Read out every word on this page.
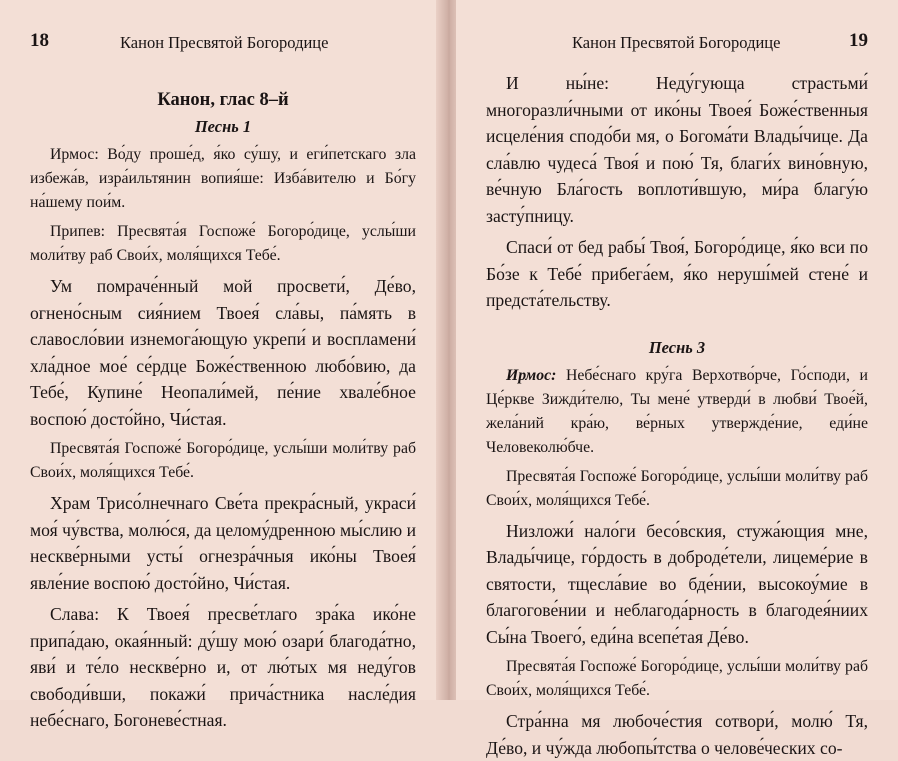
18	Канон Пресвятой Богородице
Канон, глас 8–й
Песнь 1

Ирмос: Во́ду проше́д, я́ко су́шу, и еги́петскаго зла избежа́в, изра́ильтянин вопия́ше: Изба́вителю и Бо́гу на́шему пои́м.

Припев: Пресвята́я Госпоже́ Богоро́дице, услы́ши моли́тву раб Свои́х, моля́щихся Тебе́.

Ум помраче́нный мой просвети́, Де́во, огнено́сным сия́нием Твоея́ сла́вы, па́мять в славосло́вии изнемога́ющую укрепи́ и воспламени́ хла́дное мое́ се́рдце Боже́ственною любо́вию, да Тебе́, Купине́ Неопали́мей, пе́ние хвале́бное воспою́ досто́йно, Чи́стая.

Пресвята́я Госпоже́ Богоро́дице, услы́ши моли́тву раб Свои́х, моля́щихся Тебе́.

Храм Трисо́лнечнаго Све́та прекра́сный, украси́ моя́ чу́вства, молю́ся, да целому́дренною мы́слию и нескве́рными усты́ огнезра́чныя ико́ны Твоея́ явле́ние воспою́ досто́йно, Чи́стая.

Слава: К Твоея́ пресве́тлаго зра́ка ико́не припа́даю, окая́нный: ду́шу мою́ озари́ благода́тно, яви́ и те́ло нескве́рно и, от лю́тых мя неду́гов свободи́вши, покажи́ прича́стника насле́дия небе́снаго, Богоневе́стная.

Канон Пресвятой Богородице	19

И ны́не: Неду́гующа страстьми́ многоразли́чными от ико́ны Твоея́ Боже́ственныя исцеле́ния сподо́би мя, о Богома́ти Влады́чице. Да сла́влю чудеса́ Твоя́ и пою́ Тя, благи́х вино́вную, ве́чную Бла́гость воплоти́вшую, ми́ра благу́ю засту́пницу.

Спаси́ от бед рабы́ Твоя́, Богоро́дице, я́ко вси по Бо́зе к Тебе́ прибега́ем, я́ко нерушı́мей стене́ и предста́тельству.

Песнь 3

Ирмос: Небе́снаго кру́га Верхотво́рче, Го́споди, и Це́ркве Зижди́телю, Ты мене́ утверди́ в любви́ Твое́й, жела́ний кра́ю, ве́рных утвержде́ние, еди́не Человеколю́бче.

Пресвята́я Госпоже́ Богоро́дице, услы́ши моли́тву раб Свои́х, моля́щихся Тебе́.

Низложи́ нало́ги бесо́вския, стужа́ющия мне, Влады́чице, го́рдость в доброде́тели, лицеме́рие в святости, тщесла́вие во бде́нии, высокоу́мие в благогове́нии и неблагода́рность в благодея́ниих Сы́на Твоего́, еди́на всепе́тая Де́во.

Пресвята́я Госпоже́ Богоро́дице, услы́ши моли́тву раб Свои́х, моля́щихся Тебе́.

Стра́нна мя любоче́стия сотвори́, молю́ Тя, Де́во, и чу́жда любопы́тства о челове́ческих со-
